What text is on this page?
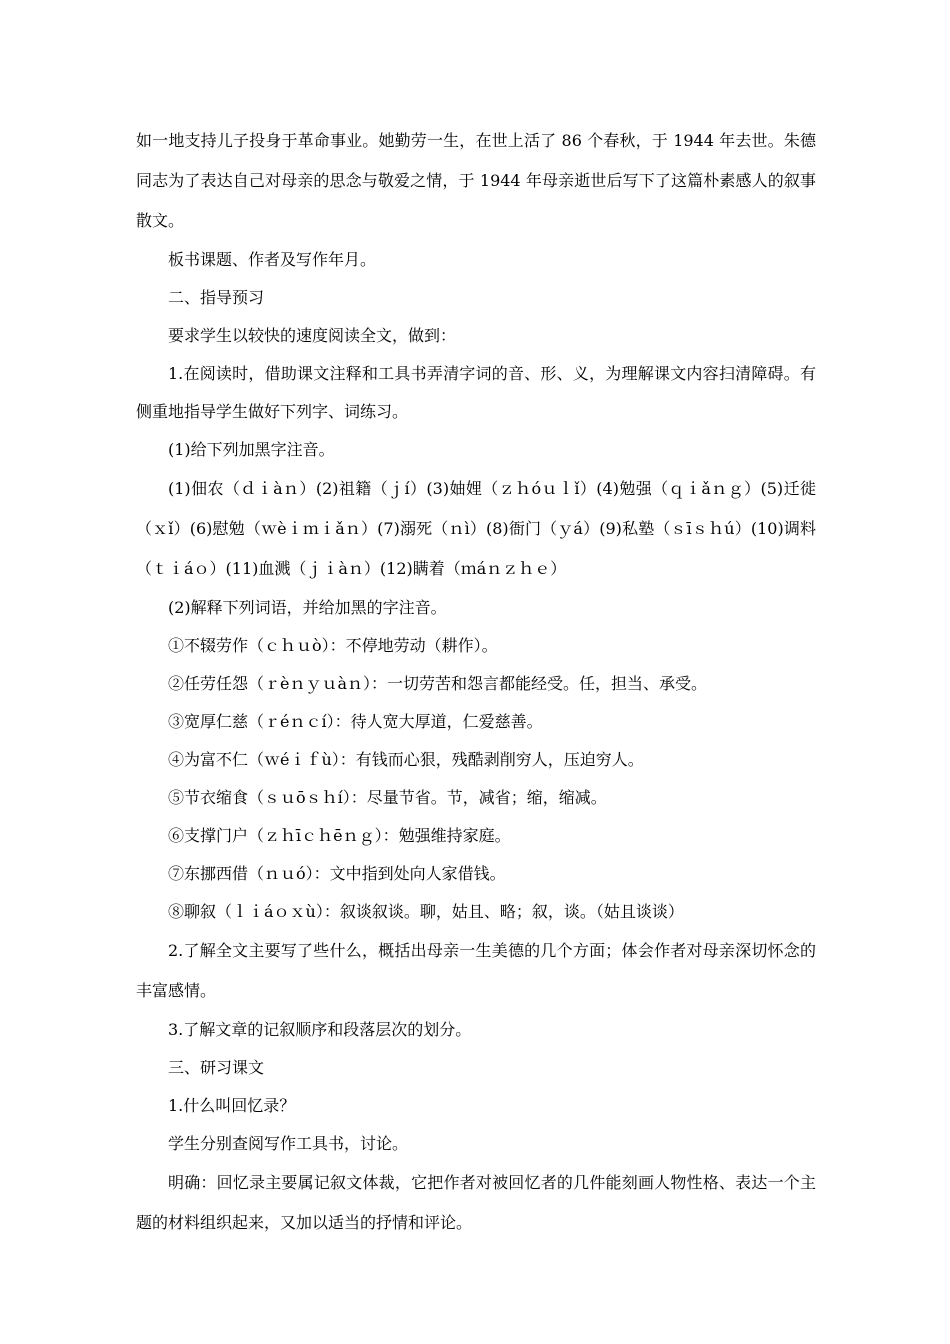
如一地支持儿子投身于革命事业。她勤劳一生，在世上活了 86 个春秋，于 1944 年去世。朱德同志为了表达自己对母亲的思念与敬爱之情，于 1944 年母亲逝世后写下了这篇朴素感人的叙事散文。

板书课题、作者及写作年月。

二、指导预习

要求学生以较快的速度阅读全文，做到：

1.在阅读时，借助课文注释和工具书弄清字词的音、形、义，为理解课文内容扫清障碍。有侧重地指导学生做好下列字、词练习。

(1)给下列加黑字注音。

(1)佃农（ｄｉàｎ）(2)祖籍（ｊí）(3)妯娌（ｚｈóｕｌǐ）(4)勉强（ｑｉǎｎｇ）(5)迁徙（ｘǐ）(6)慰勉（ｗèｉｍｉǎｎ）(7)溺死（ｎì）(8)衙门（ｙá）(9)私塾（ｓīｓｈú）(10)调料（ｔｉáｏ）(11)血溅（ｊｉàｎ）(12)瞒着（ｍáｎｚｈｅ）

(2)解释下列词语，并给加黑的字注音。

①不辍劳作（ｃｈｕò）：不停地劳动（耕作）。

②任劳任怨（ｒèｎｙｕàｎ）：一切劳苦和怨言都能经受。任，担当、承受。

③宽厚仁慈（ｒéｎｃí）：待人宽大厚道，仁爱慈善。

④为富不仁（ｗéｉｆù）：有钱而心狠，残酷剥削穷人，压迫穷人。

⑤节衣缩食（ｓｕōｓｈí）：尽量节省。节，减省；缩，缩减。

⑥支撑门户（ｚｈīｃｈēｎｇ）：勉强维持家庭。

⑦东挪西借（ｎｕó）：文中指到处向人家借钱。

⑧聊叙（ｌｉáｏｘù）：叙谈叙谈。聊，姑且、略；叙，谈。（姑且谈谈）

2.了解全文主要写了些什么，概括出母亲一生美德的几个方面；体会作者对母亲深切怀念的丰富感情。

3.了解文章的记叙顺序和段落层次的划分。

三、研习课文

1.什么叫回忆录？

学生分别查阅写作工具书，讨论。

明确：回忆录主要属记叙文体裁，它把作者对被回忆者的几件能刻画人物性格、表达一个主题的材料组织起来，又加以适当的抒情和评论。
